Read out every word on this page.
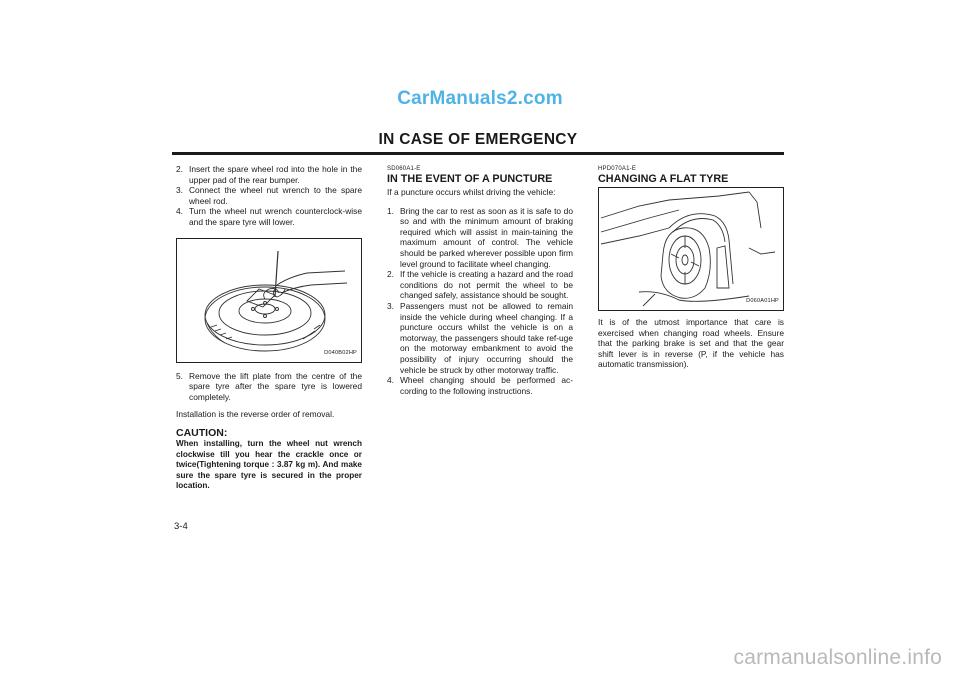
CarManuals2.com
IN CASE OF EMERGENCY
2. Insert the spare wheel rod into the hole in the upper pad of the rear bumper.
3. Connect the wheel nut wrench to the spare wheel rod.
4. Turn the wheel nut wrench counterclock-wise and the spare tyre will lower.
D040B02HP
5. Remove the lift plate from the centre of the spare tyre after the spare tyre is lowered completely.

Installation is the reverse order of removal.

CAUTION:
When installing, turn the wheel nut wrench clockwise till you hear the crackle once or twice(Tightening torque : 3.87 kg m). And make sure the spare tyre is secured in the proper location.
SD060A1-E
IN THE EVENT OF A PUNCTURE

If a puncture occurs whilst driving the vehicle:

1. Bring the car to rest as soon as it is safe to do so and with the minimum amount of braking required which will assist in main-taining the maximum amount of control. The vehicle should be parked wherever possible upon firm level ground to facilitate wheel changing.
2. If the vehicle is creating a hazard and the road conditions do not permit the wheel to be changed safely, assistance should be sought.
3. Passengers must not be allowed to remain inside the vehicle during wheel changing. If a puncture occurs whilst the vehicle is on a motorway, the passengers should take ref-uge on the motorway embankment to avoid the possibility of injury occurring should the vehicle be struck by other motorway traffic.
4. Wheel changing should be performed ac-cording to the following instructions.
HPD070A1-E
CHANGING A FLAT TYRE
D060A01HP

It is of the utmost importance that care is exercised when changing road wheels. Ensure that the parking brake is set and that the gear shift lever is in reverse (P, if the vehicle has automatic transmission).

3-4
carmanualsonline.info
